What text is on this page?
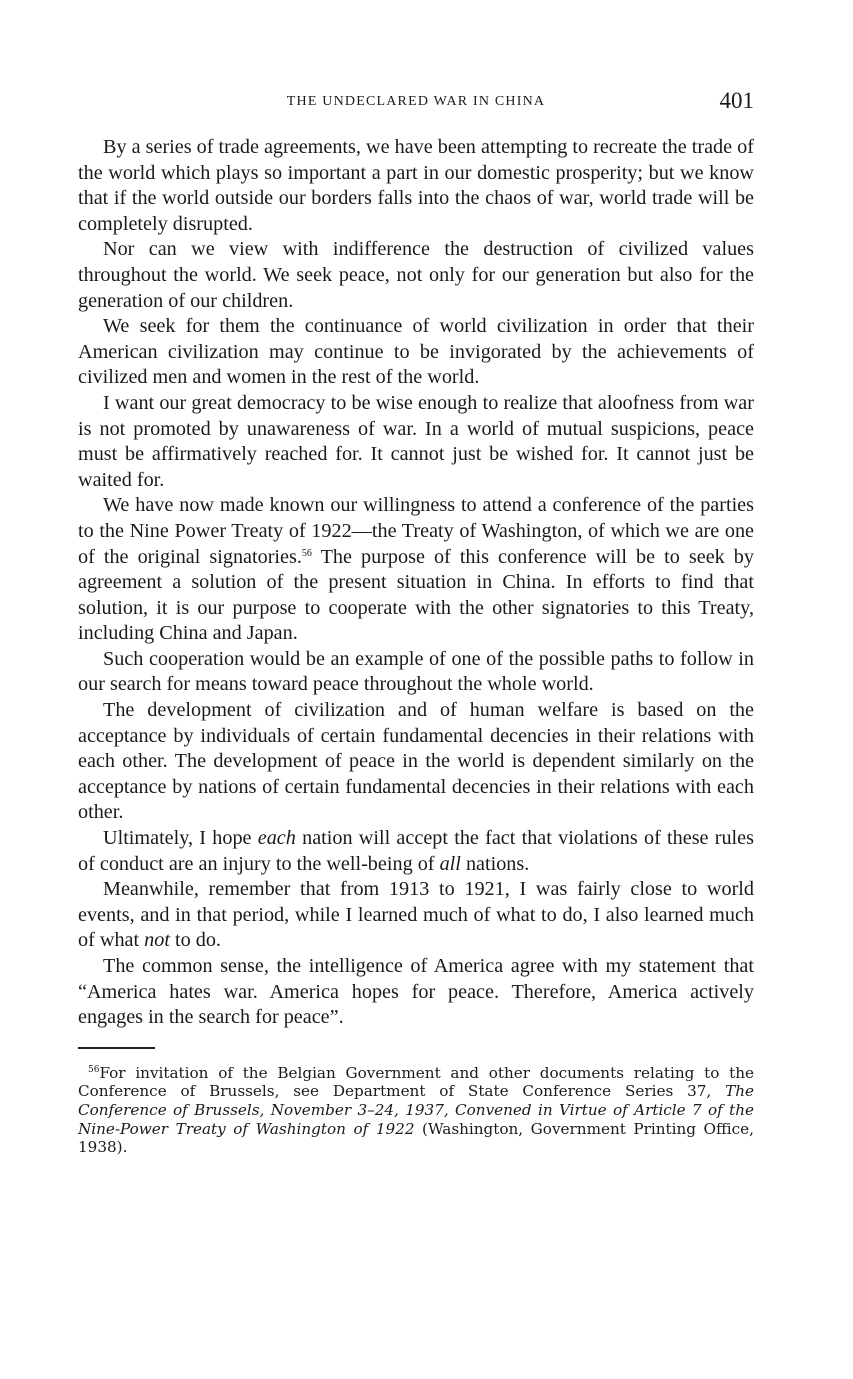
THE UNDECLARED WAR IN CHINA	401

By a series of trade agreements, we have been attempting to recreate the trade of the world which plays so important a part in our domestic prosperity; but we know that if the world outside our borders falls into the chaos of war, world trade will be completely disrupted.

Nor can we view with indifference the destruction of civilized values throughout the world. We seek peace, not only for our generation but also for the generation of our children.

We seek for them the continuance of world civilization in order that their American civilization may continue to be invigorated by the achievements of civilized men and women in the rest of the world.

I want our great democracy to be wise enough to realize that aloofness from war is not promoted by unawareness of war. In a world of mutual suspicions, peace must be affirmatively reached for. It cannot just be wished for. It cannot just be waited for.

We have now made known our willingness to attend a conference of the parties to the Nine Power Treaty of 1922—the Treaty of Washington, of which we are one of the original signatories.$^{56}$ The purpose of this conference will be to seek by agreement a solution of the present situation in China. In efforts to find that solution, it is our purpose to cooperate with the other signatories to this Treaty, including China and Japan.

Such cooperation would be an example of one of the possible paths to follow in our search for means toward peace throughout the whole world.

The development of civilization and of human welfare is based on the acceptance by individuals of certain fundamental decencies in their relations with each other. The development of peace in the world is dependent similarly on the acceptance by nations of certain fundamental decencies in their relations with each other.

Ultimately, I hope each nation will accept the fact that violations of these rules of conduct are an injury to the well-being of all nations.

Meanwhile, remember that from 1913 to 1921, I was fairly close to world events, and in that period, while I learned much of what to do, I also learned much of what not to do.

The common sense, the intelligence of America agree with my statement that “America hates war. America hopes for peace. Therefore, America actively engages in the search for peace”.

$^{56}$For invitation of the Belgian Government and other documents relating to the Conference of Brussels, see Department of State Conference Series 37, The Conference of Brussels, November 3–24, 1937, Convened in Virtue of Article 7 of the Nine-Power Treaty of Washington of 1922 (Washington, Government Printing Office, 1938).
